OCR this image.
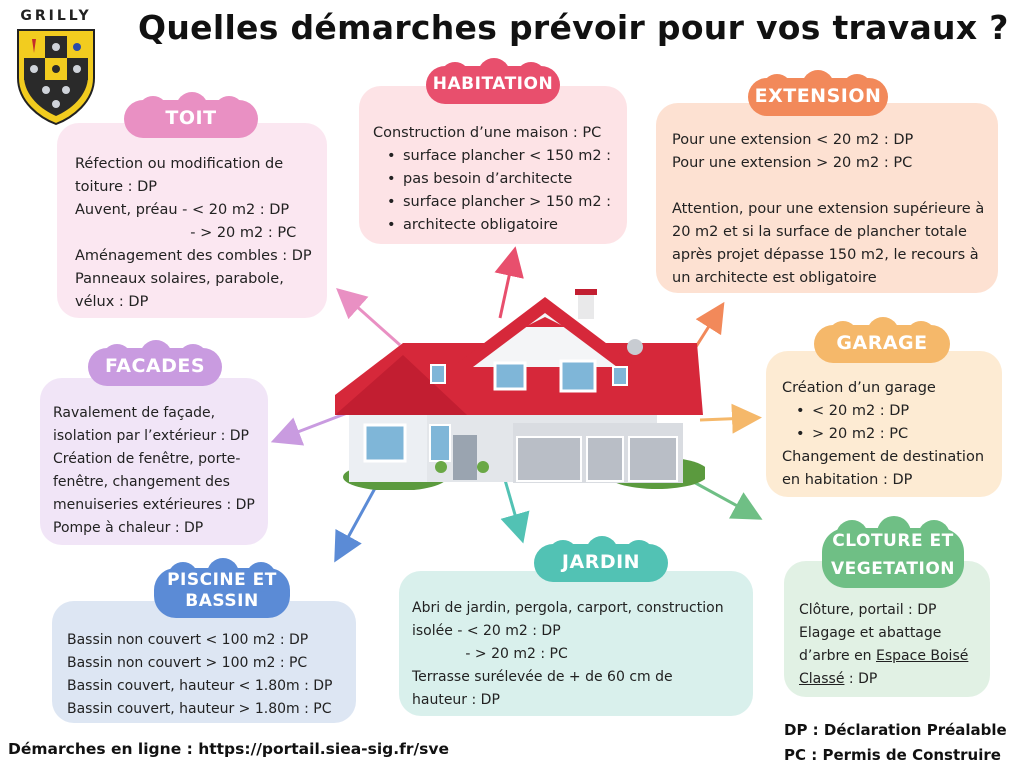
Quelles démarches prévoir pour vos travaux ?
GRILLY

Réfection ou modification de

toiture : DP

Auvent, préau - < 20 m2 : DP

- > 20 m2 : PC

Aménagement des combles : DP

Panneaux solaires, parabole,

vélux : DP

TOIT

Construction d’une maison : PC

• surface plancher < 150 m2 :
• pas besoin d’architecte
• surface plancher > 150 m2 :
• architecte obligatoire
HABITATION

Pour une extension < 20 m2 : DP

Pour une extension > 20 m2 : PC

Attention, pour une extension supérieure à

20 m2 et si la surface de plancher totale

après projet dépasse 150 m2, le recours à

un architecte est obligatoire

EXTENSION

Création d’un garage

• < 20 m2 : DP
• > 20 m2 : PC

Changement de destination

en habitation : DP

GARAGE

Ravalement de façade,

isolation par l’extérieur : DP

Création de fenêtre, porte-

fenêtre, changement des

menuiseries extérieures : DP

Pompe à chaleur : DP

FACADES

Bassin non couvert < 100 m2 : DP

Bassin non couvert > 100 m2 : PC

Bassin couvert, hauteur < 1.80m : DP

Bassin couvert, hauteur > 1.80m : PC

PISCINE ET
BASSIN	Abri de jardin, pergola, carport, construction

isolée - < 20 m2 : DP

- > 20 m2 : PC

Terrasse surélevée de + de 60 cm de

hauteur : DP

JARDIN

Clôture, portail : DP

Elagage et abattage

d’arbre en Espace Boisé

Classé : DP

CLOTURE ET
VEGETATION
Démarches en ligne : https://portail.siea-sig.fr/sve
DP : Déclaration Préalable
PC : Permis de Construire
